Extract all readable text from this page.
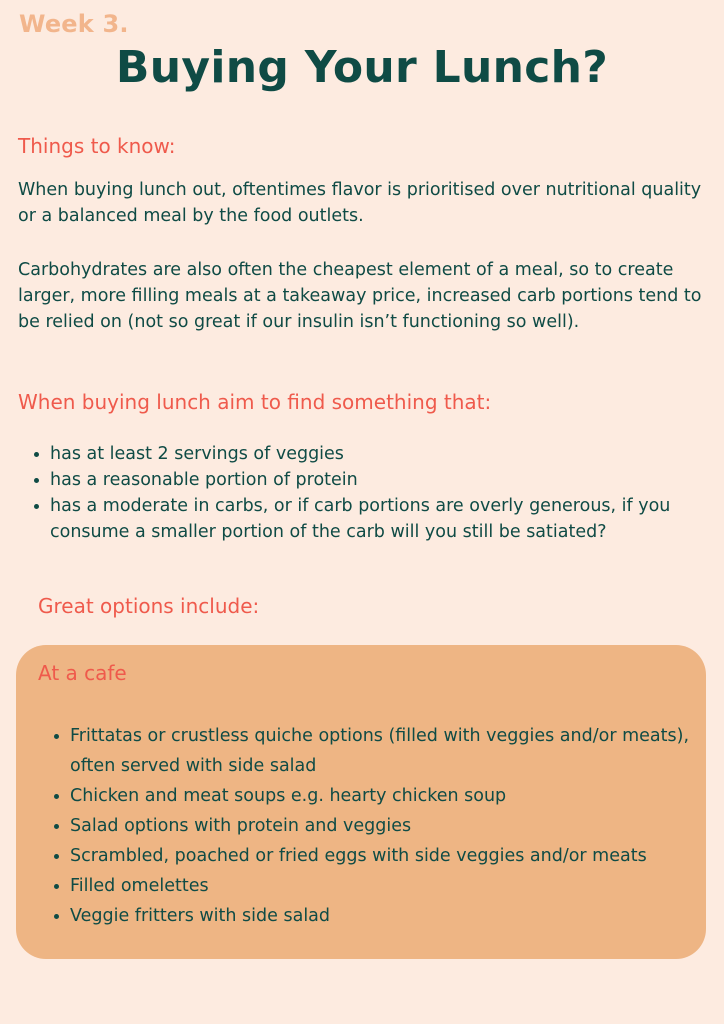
Week 3.
Buying Your Lunch?
Things to know:

When buying lunch out, oftentimes flavor is prioritised over nutritional quality or a balanced meal by the food outlets.

Carbohydrates are also often the cheapest element of a meal, so to create larger, more filling meals at a takeaway price, increased carb portions tend to be relied on (not so great if our insulin isn’t functioning so well).

When buying lunch aim to find something that:
has at least 2 servings of veggies
has a reasonable portion of protein
has a moderate in carbs, or if carb portions are overly generous, if you consume a smaller portion of the carb will you still be satiated?
Great options include:
At a cafe
Frittatas or crustless quiche options (filled with veggies and/or meats), often served with side salad
Chicken and meat soups e.g. hearty chicken soup
Salad options with protein and veggies
Scrambled, poached or fried eggs with side veggies and/or meats
Filled omelettes
Veggie fritters with side salad
